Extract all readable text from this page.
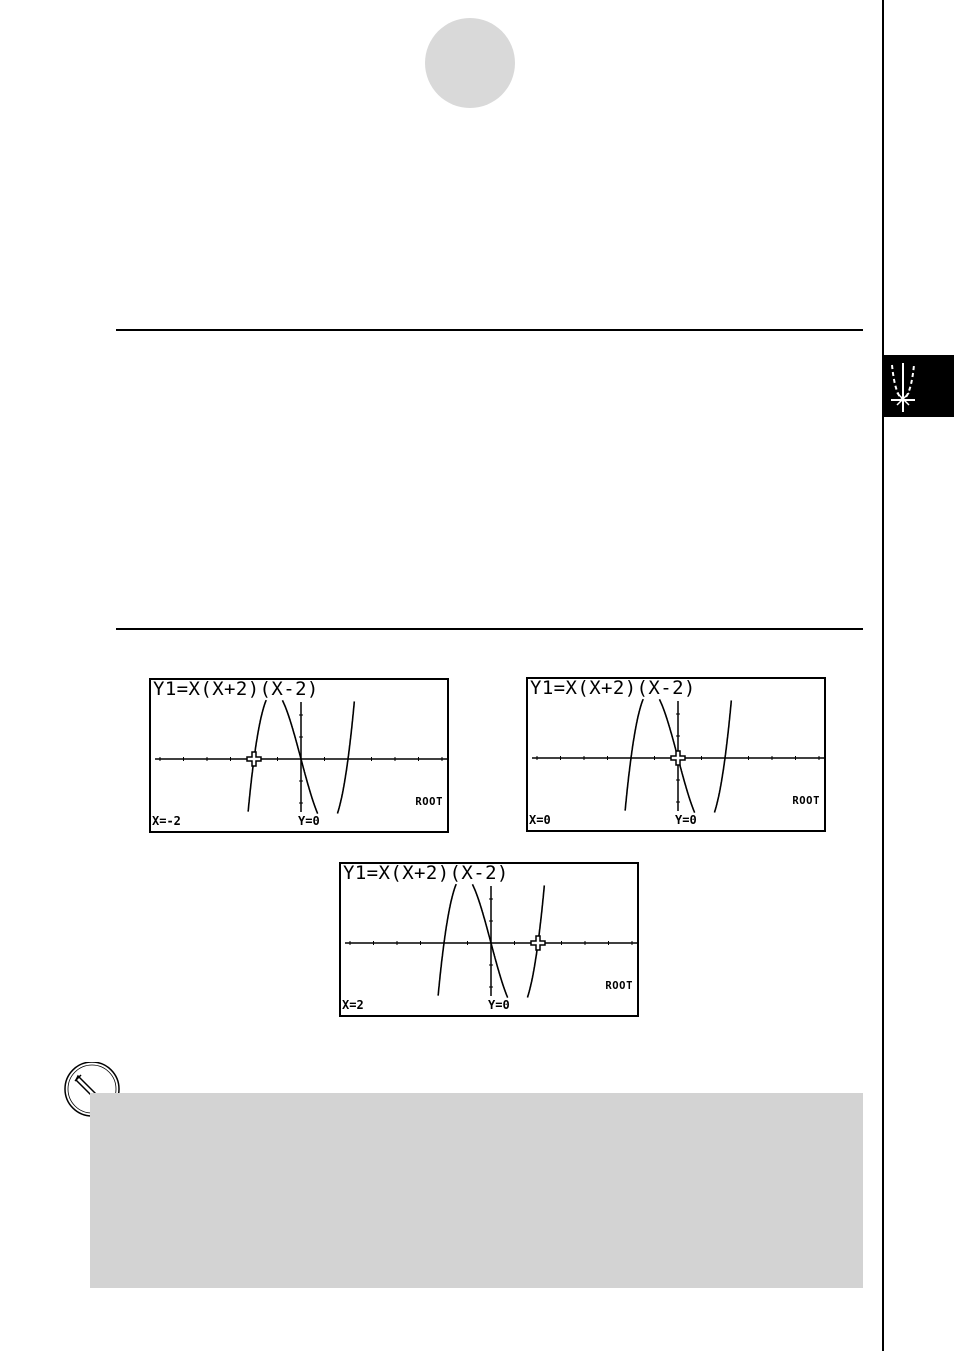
Y1=X(X+2)(X-2)
ROOT
X=-2	Y=0
Y1=X(X+2)(X-2)
ROOT
X=0	Y=0
Y1=X(X+2)(X-2)
ROOT
X=2	Y=0
